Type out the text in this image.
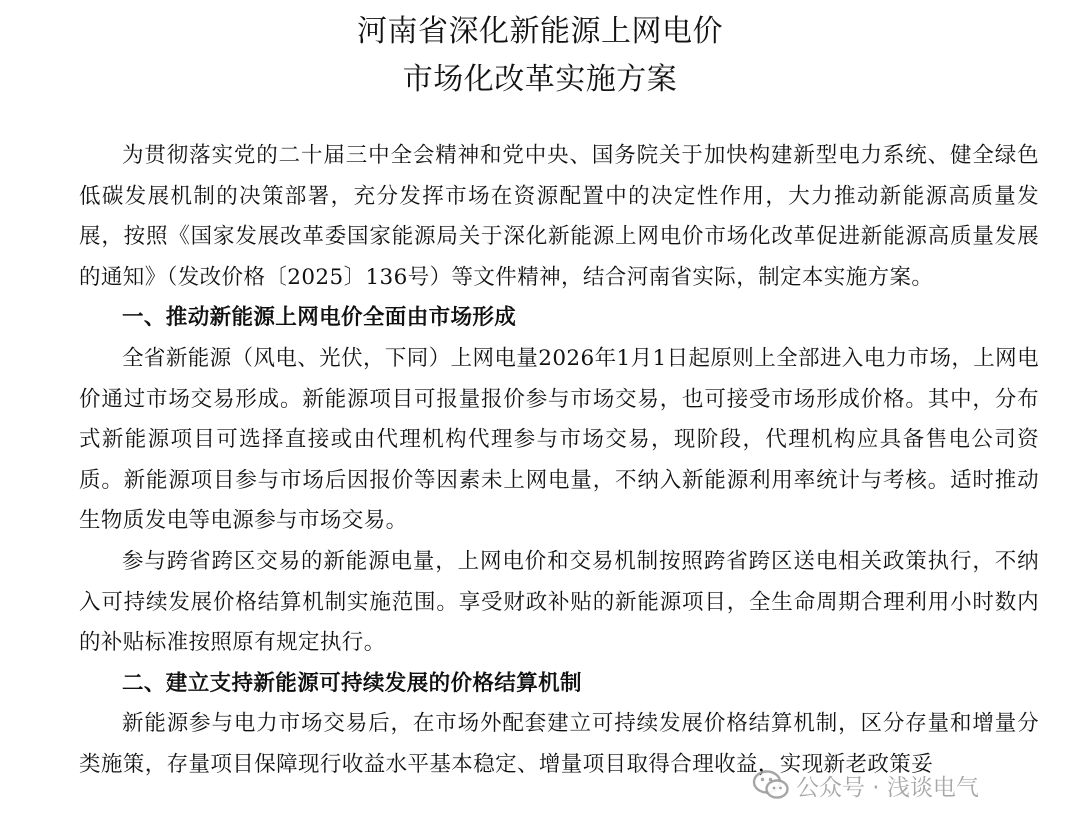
河南省深化新能源上网电价
市场化改革实施方案

为贯彻落实党的二十届三中全会精神和党中央、国务院关于加快构建新型电力系统、健全绿色低碳发展机制的决策部署，充分发挥市场在资源配置中的决定性作用，大力推动新能源高质量发展，按照《国家发展改革委国家能源局关于深化新能源上网电价市场化改革促进新能源高质量发展的通知》（发改价格〔2025〕136号）等文件精神，结合河南省实际，制定本实施方案。

一、推动新能源上网电价全面由市场形成

全省新能源（风电、光伏，下同）上网电量2026年1月1日起原则上全部进入电力市场，上网电价通过市场交易形成。新能源项目可报量报价参与市场交易，也可接受市场形成价格。其中，分布式新能源项目可选择直接或由代理机构代理参与市场交易，现阶段，代理机构应具备售电公司资质。新能源项目参与市场后因报价等因素未上网电量，不纳入新能源利用率统计与考核。适时推动生物质发电等电源参与市场交易。

参与跨省跨区交易的新能源电量，上网电价和交易机制按照跨省跨区送电相关政策执行，不纳入可持续发展价格结算机制实施范围。享受财政补贴的新能源项目，全生命周期合理利用小时数内的补贴标准按照原有规定执行。

二、建立支持新能源可持续发展的价格结算机制

新能源参与电力市场交易后，在市场外配套建立可持续发展价格结算机制，区分存量和增量分类施策，存量项目保障现行收益水平基本稳定、增量项目取得合理收益，实现新老政策妥

公众号 · 浅谈电气
